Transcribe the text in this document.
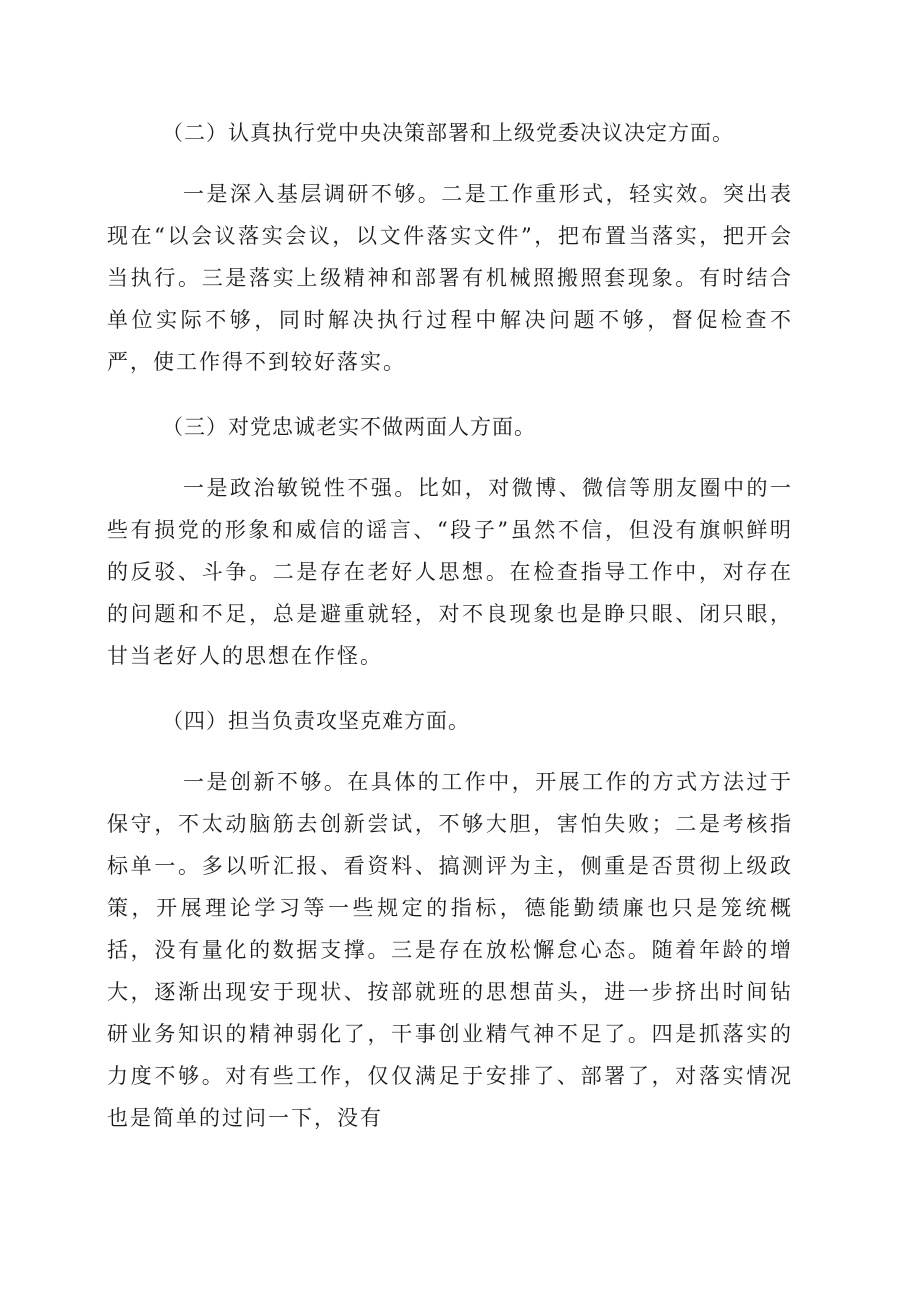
（二）认真执行党中央决策部署和上级党委决议决定方面。

一是深入基层调研不够。二是工作重形式，轻实效。突出表现在“以会议落实会议，以文件落实文件”，把布置当落实，把开会当执行。三是落实上级精神和部署有机械照搬照套现象。有时结合单位实际不够，同时解决执行过程中解决问题不够，督促检查不严，使工作得不到较好落实。

（三）对党忠诚老实不做两面人方面。

一是政治敏锐性不强。比如，对微博、微信等朋友圈中的一些有损党的形象和威信的谣言、“段子”虽然不信，但没有旗帜鲜明的反驳、斗争。二是存在老好人思想。在检查指导工作中，对存在的问题和不足，总是避重就轻，对不良现象也是睁只眼、闭只眼，甘当老好人的思想在作怪。

（四）担当负责攻坚克难方面。

一是创新不够。在具体的工作中，开展工作的方式方法过于保守，不太动脑筋去创新尝试，不够大胆，害怕失败；二是考核指标单一。多以听汇报、看资料、搞测评为主，侧重是否贯彻上级政策，开展理论学习等一些规定的指标，德能勤绩廉也只是笼统概括，没有量化的数据支撑。三是存在放松懈怠心态。随着年龄的增大，逐渐出现安于现状、按部就班的思想苗头，进一步挤出时间钻研业务知识的精神弱化了，干事创业精气神不足了。四是抓落实的力度不够。对有些工作，仅仅满足于安排了、部署了，对落实情况也是简单的过问一下，没有
